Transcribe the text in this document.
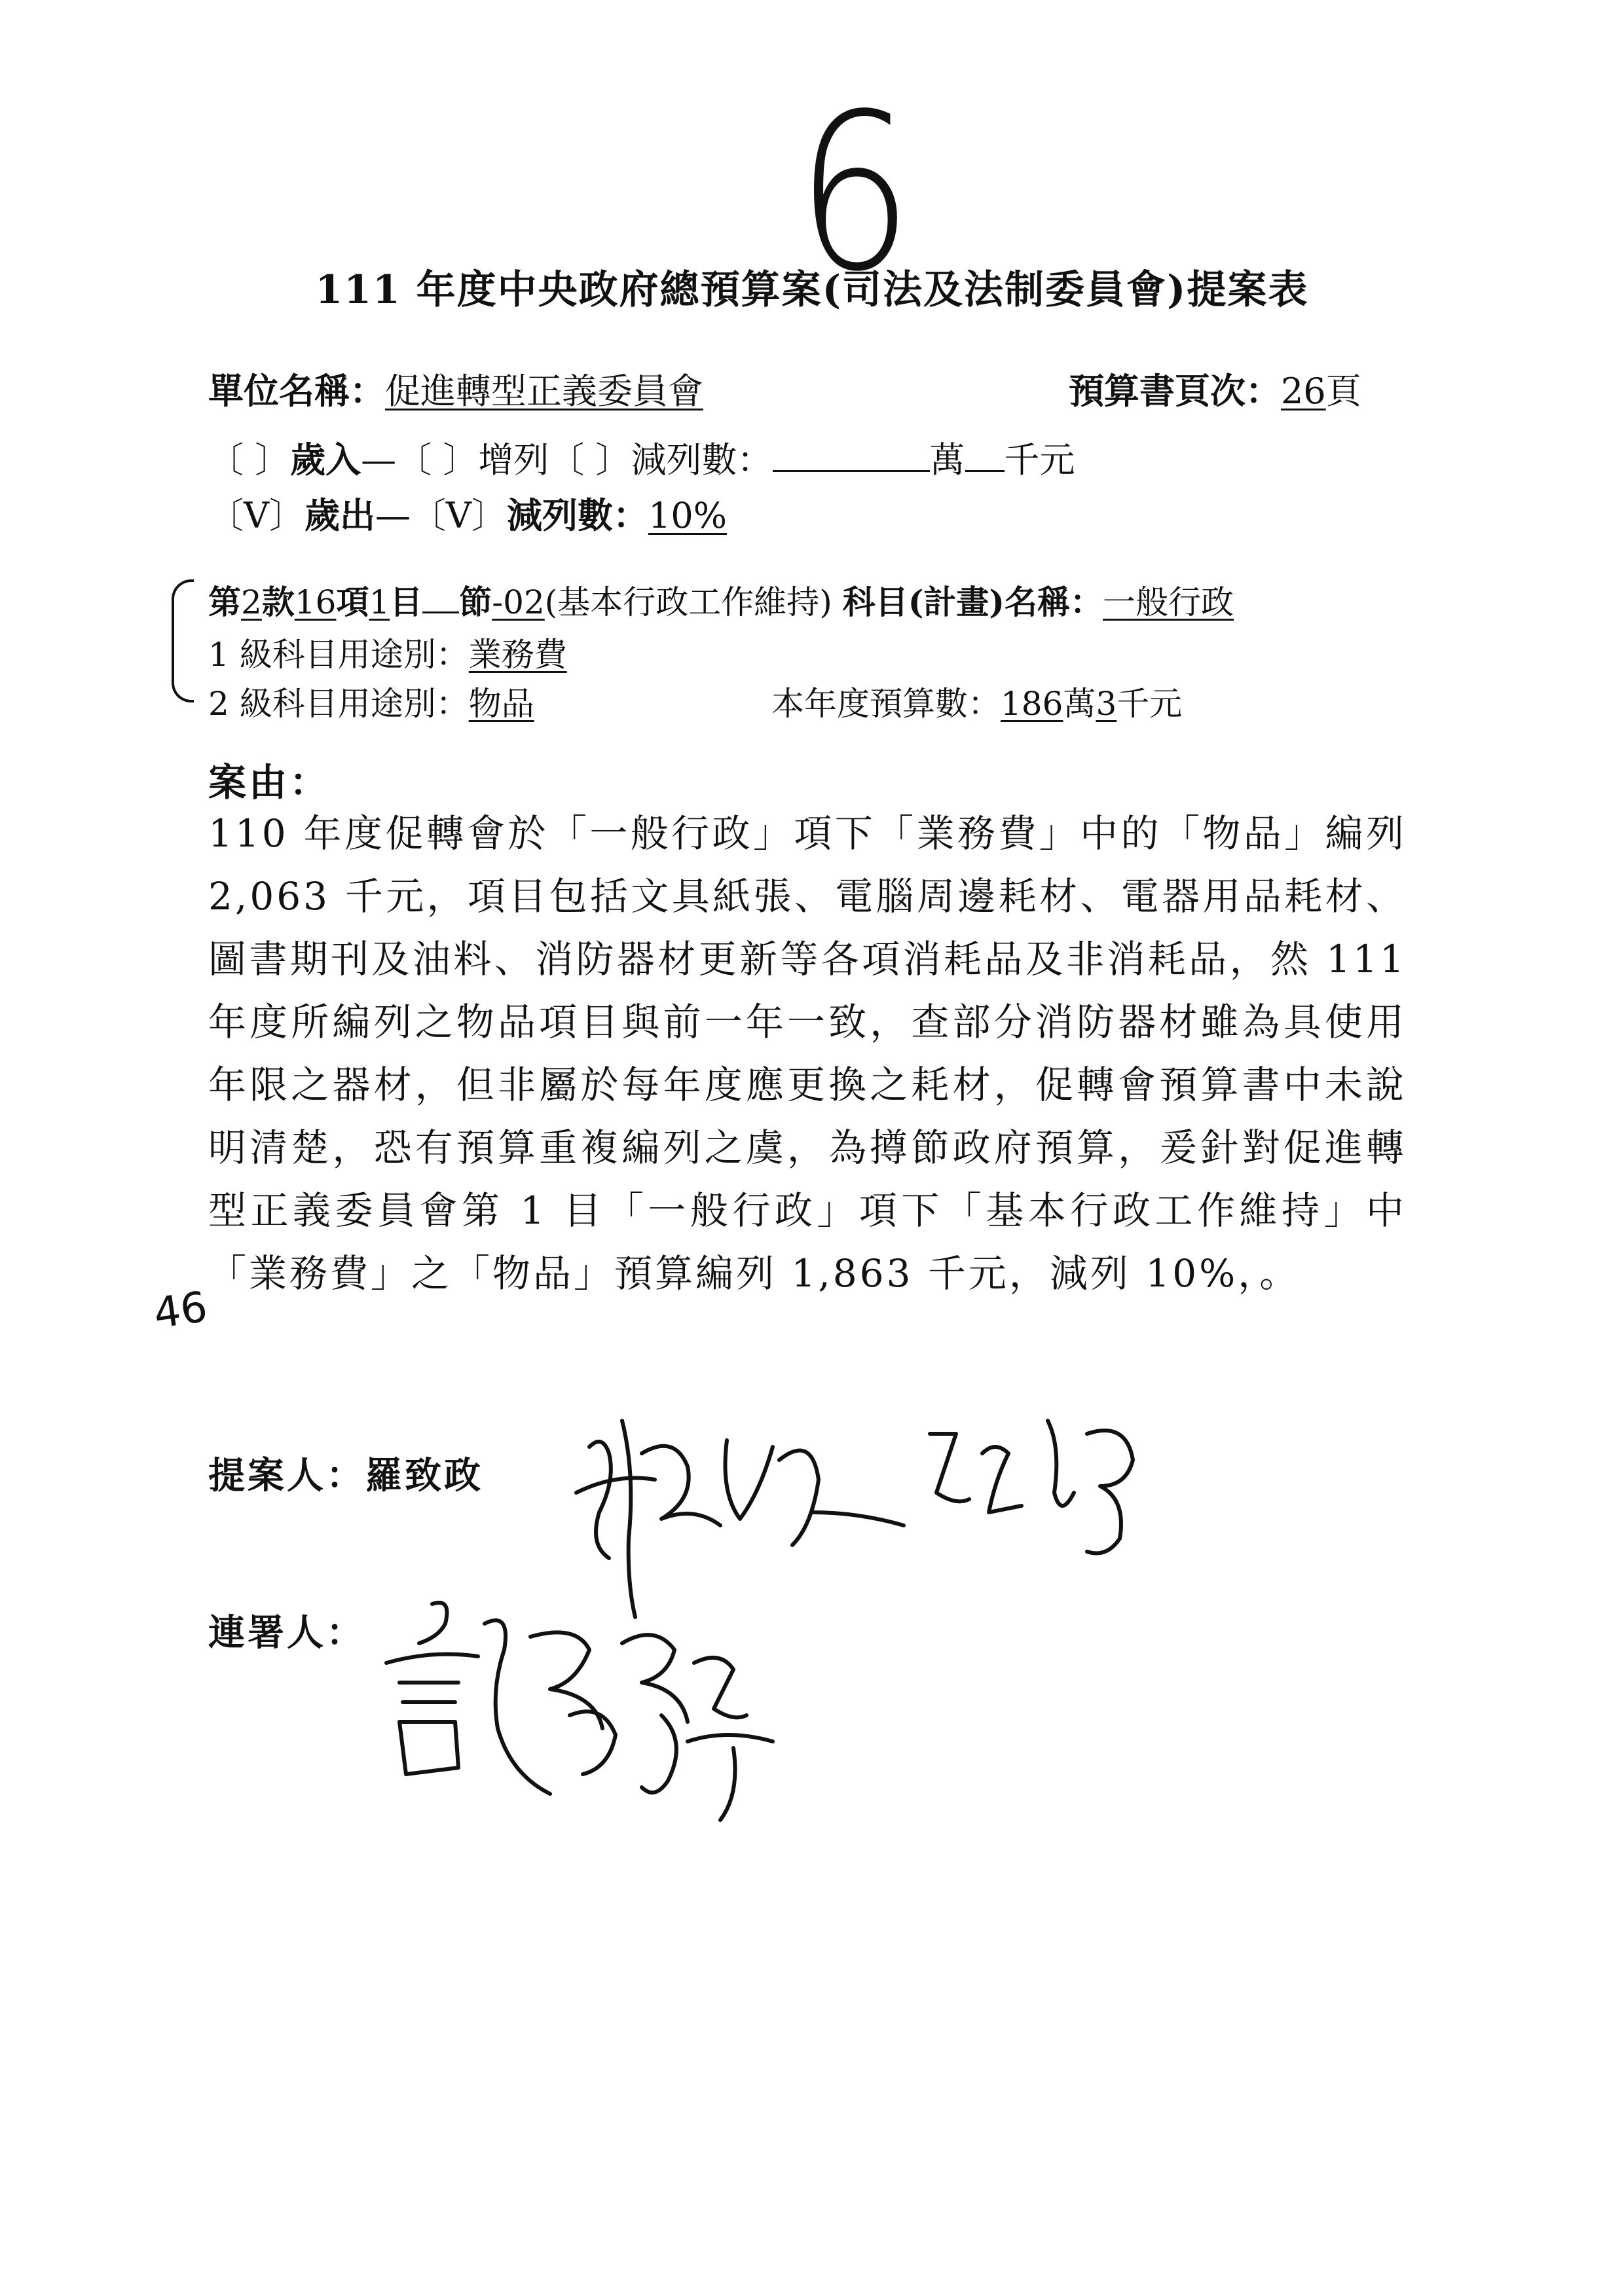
6
111 年度中央政府總預算案(司法及法制委員會)提案表
單位名稱：促進轉型正義委員會	預算書頁次：26頁
〔 〕歲入—〔 〕增列〔 〕減列數：	萬 千元
〔V〕歲出—〔V〕減列數：10%
第2款16項1目 節-02(基本行政工作維持) 科目(計畫)名稱：一般行政
1 級科目用途別：業務費
2 級科目用途別：物品	本年度預算數：186萬3千元
案由：
110 年度促轉會於「一般行政」項下「業務費」中的「物品」編列 2,063 千元，項目包括文具紙張、電腦周邊耗材、電器用品耗材、圖書期刊及油料、消防器材更新等各項消耗品及非消耗品，然 111 年度所編列之物品項目與前一年一致，查部分消防器材雖為具使用年限之器材，但非屬於每年度應更換之耗材，促轉會預算書中未說明清楚，恐有預算重複編列之虞，為撙節政府預算，爰針對促進轉型正義委員會第 1 目「一般行政」項下「基本行政工作維持」中「業務費」之「物品」預算編列 1,863 千元，減列 10%，。
46
提案人：羅致政
連署人：
